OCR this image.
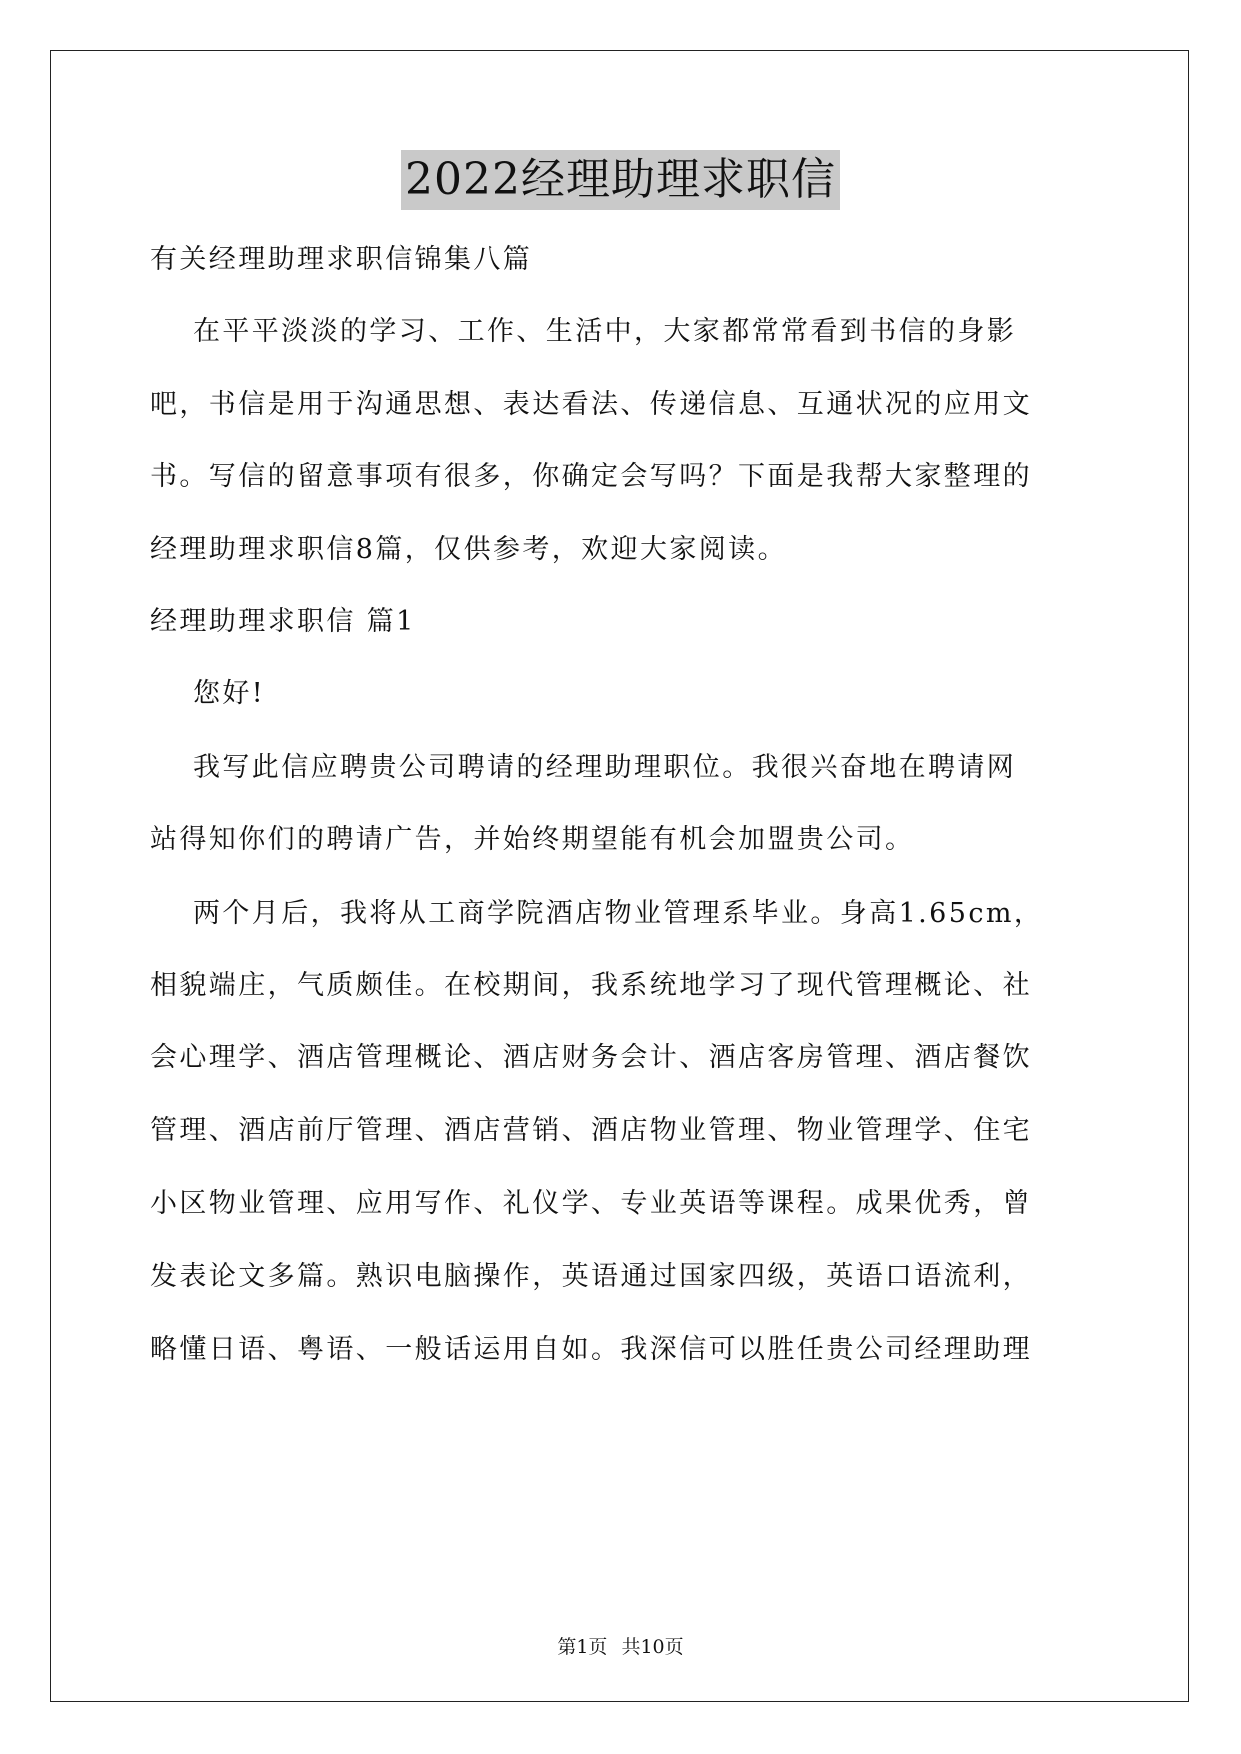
2022经理助理求职信
有关经理助理求职信锦集八篇
在平平淡淡的学习、工作、生活中，大家都常常看到书信的身影
吧，书信是用于沟通思想、表达看法、传递信息、互通状况的应用文
书。写信的留意事项有很多，你确定会写吗？下面是我帮大家整理的
经理助理求职信8篇，仅供参考，欢迎大家阅读。
经理助理求职信 篇1
您好!
我写此信应聘贵公司聘请的经理助理职位。我很兴奋地在聘请网
站得知你们的聘请广告，并始终期望能有机会加盟贵公司。
两个月后，我将从工商学院酒店物业管理系毕业。身高1.65cm，
相貌端庄，气质颇佳。在校期间，我系统地学习了现代管理概论、社
会心理学、酒店管理概论、酒店财务会计、酒店客房管理、酒店餐饮
管理、酒店前厅管理、酒店营销、酒店物业管理、物业管理学、住宅
小区物业管理、应用写作、礼仪学、专业英语等课程。成果优秀，曾
发表论文多篇。熟识电脑操作，英语通过国家四级，英语口语流利，
略懂日语、粤语、一般话运用自如。我深信可以胜任贵公司经理助理
第1页 共10页
